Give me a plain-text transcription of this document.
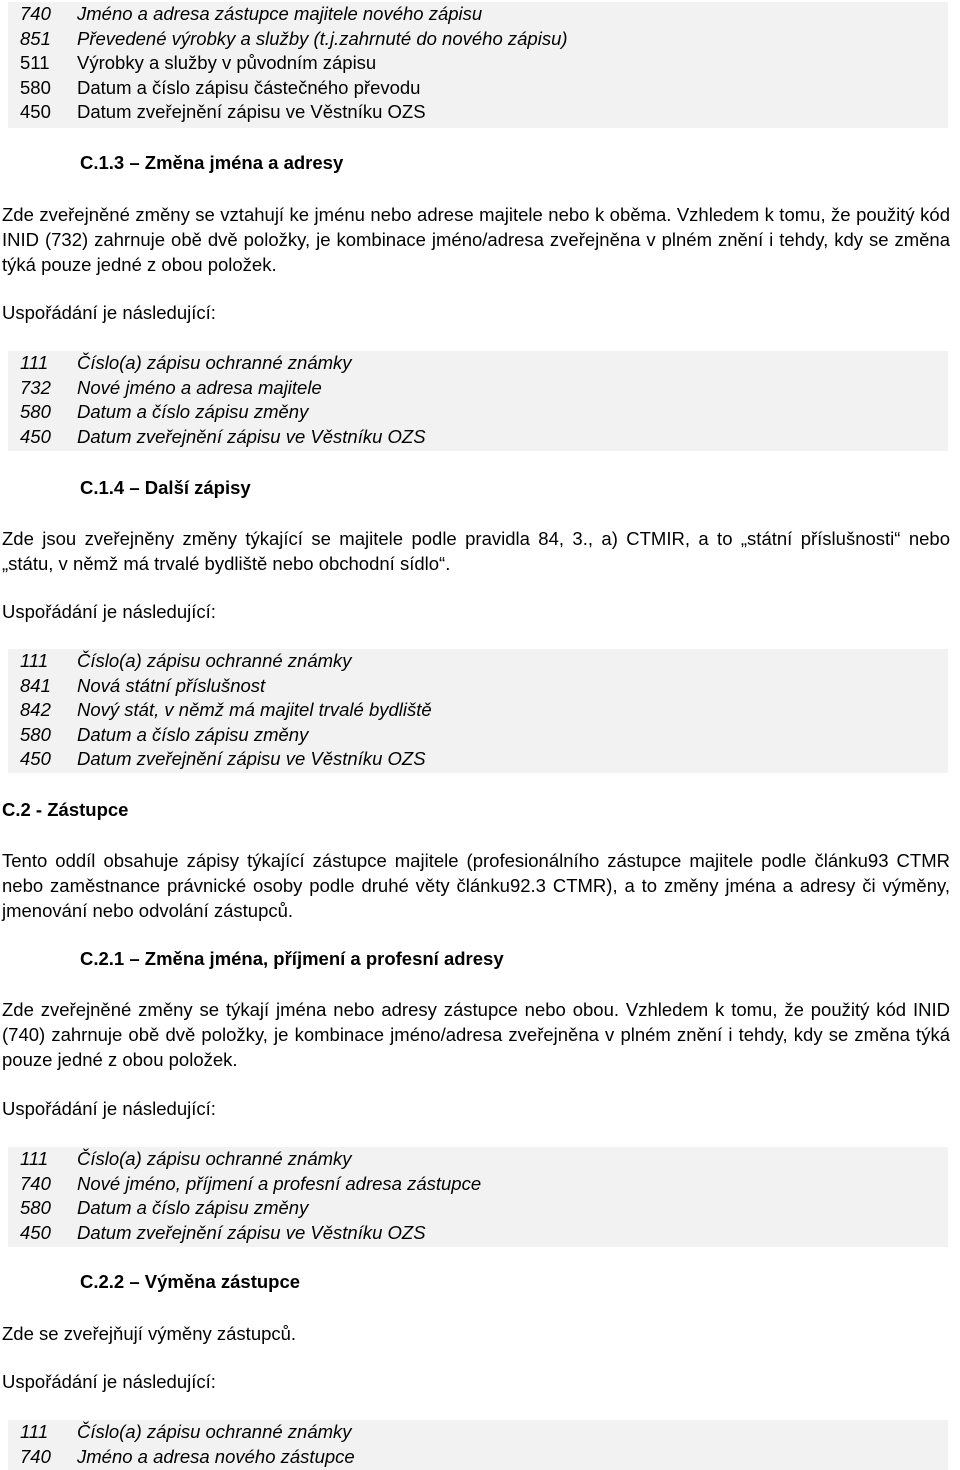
740 Jméno a adresa zástupce majitele nového zápisu
851 Převedené výrobky a služby (t.j.zahrnuté do nového zápisu)
511 Výrobky a služby v původním zápisu
580 Datum a číslo zápisu částečného převodu
450 Datum zveřejnění zápisu ve Věstníku OZS
C.1.3 – Změna jména a adresy
Zde zveřejněné změny se vztahují ke jménu nebo adrese majitele nebo k oběma. Vzhledem k tomu, že použitý kód INID (732) zahrnuje obě dvě položky, je kombinace jméno/adresa zveřejněna v plném znění i tehdy, kdy se změna týká pouze jedné z obou položek.
Uspořádání je následující:
111 Číslo(a) zápisu ochranné známky
732 Nové jméno a adresa majitele
580 Datum a číslo zápisu změny
450 Datum zveřejnění zápisu ve Věstníku OZS
C.1.4 – Další zápisy
Zde jsou zveřejněny změny týkající se majitele podle pravidla 84, 3., a) CTMIR, a to „státní příslušnosti“ nebo „státu, v němž má trvalé bydliště nebo obchodní sídlo“.
Uspořádání je následující:
111 Číslo(a) zápisu ochranné známky
841 Nová státní příslušnost
842 Nový stát, v němž má majitel trvalé bydliště
580 Datum a číslo zápisu změny
450 Datum zveřejnění zápisu ve Věstníku OZS
C.2 - Zástupce
Tento oddíl obsahuje zápisy týkající zástupce majitele (profesionálního zástupce majitele podle článku93 CTMR nebo zaměstnance právnické osoby podle druhé věty článku92.3 CTMR), a to změny jména a adresy či výměny, jmenování nebo odvolání zástupců.
C.2.1 – Změna jména, příjmení a profesní adresy
Zde zveřejněné změny se týkají jména nebo adresy zástupce nebo obou. Vzhledem k tomu, že použitý kód INID (740) zahrnuje obě dvě položky, je kombinace jméno/adresa zveřejněna v plném znění i tehdy, kdy se změna týká pouze jedné z obou položek.
Uspořádání je následující:
111 Číslo(a) zápisu ochranné známky
740 Nové jméno, příjmení a profesní adresa zástupce
580 Datum a číslo zápisu změny
450 Datum zveřejnění zápisu ve Věstníku OZS
C.2.2 – Výměna zástupce
Zde se zveřejňují výměny zástupců.
Uspořádání je následující:
111 Číslo(a) zápisu ochranné známky
740 Jméno a adresa nového zástupce
